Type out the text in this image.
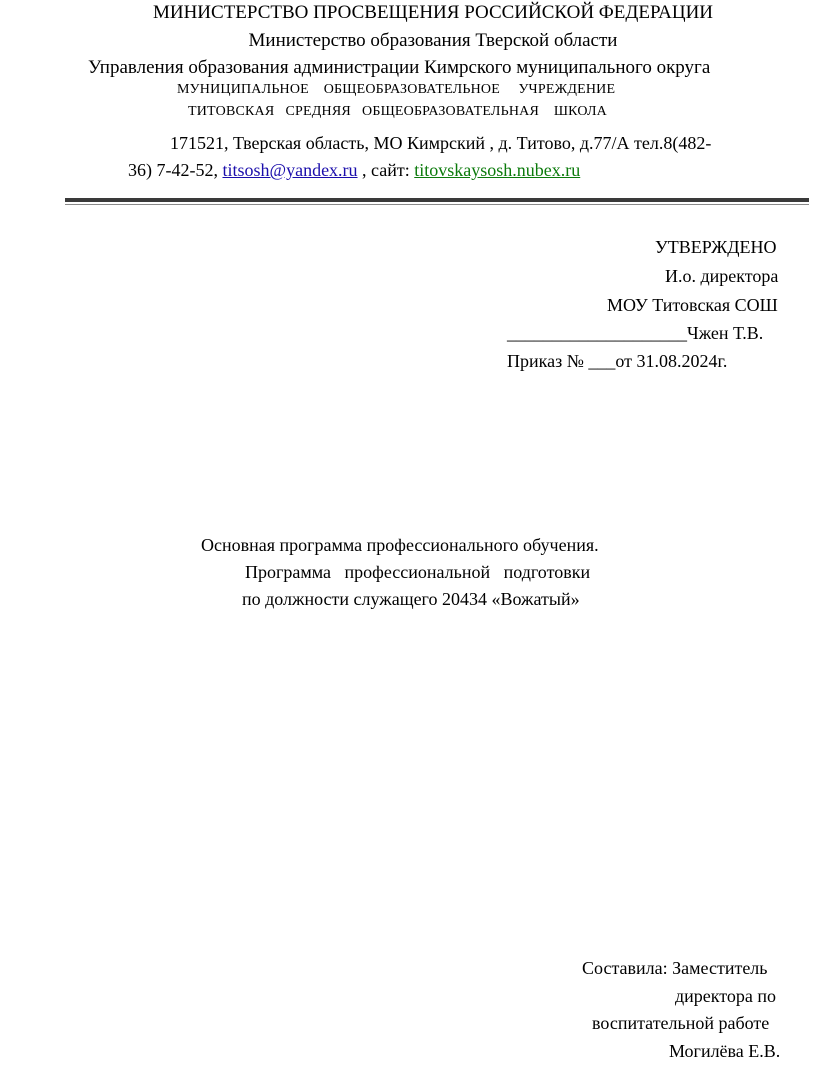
МИНИСТЕРСТВО ПРОСВЕЩЕНИЯ РОССИЙСКОЙ ФЕДЕРАЦИИ
Министерство образования Тверской области
Управления образования администрации Кимрского муниципального округа
МУНИЦИПАЛЬНОЕ    ОБЩЕОБРАЗОВАТЕЛЬНОЕ     УЧРЕЖДЕНИЕ
ТИТОВСКАЯ   СРЕДНЯЯ   ОБЩЕОБРАЗОВАТЕЛЬНАЯ    ШКОЛА
171521, Тверская область, МО Кимрский , д. Титово, д.77/А тел.8(482-
36) 7-42-52, titsosh@yandex.ru , сайт: titovskaysosh.nubex.ru
УТВЕРЖДЕНО
И.о. директора
МОУ Титовская СОШ
____________________Чжен Т.В.
Приказ № ___от 31.08.2024г.
Основная программа профессионального обучения.
Программа   профессиональной   подготовки
по должности служащего 20434 «Вожатый»
Составила: Заместитель
директора по
воспитательной работе
Могилёва Е.В.
